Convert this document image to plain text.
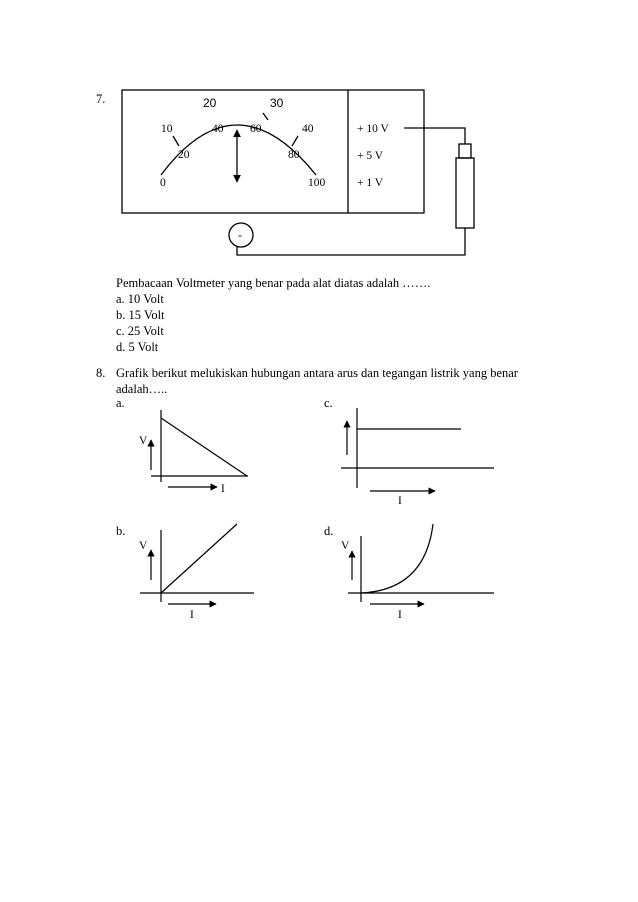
7.
Pembacaan Voltmeter yang benar pada alat diatas adalah …….
a. 10 Volt
b. 15 Volt
c. 25 Volt
d. 5 Volt
8. Grafik berikut melukiskan hubungan antara arus dan tegangan listrik yang benar
adalah…..
a.	c.
b.	d.
20	30
10	40 60	40
20	80
0	100
+ 10 V
+ 5 V
+ 1 V
-
V
I
I
V
I
V
I
